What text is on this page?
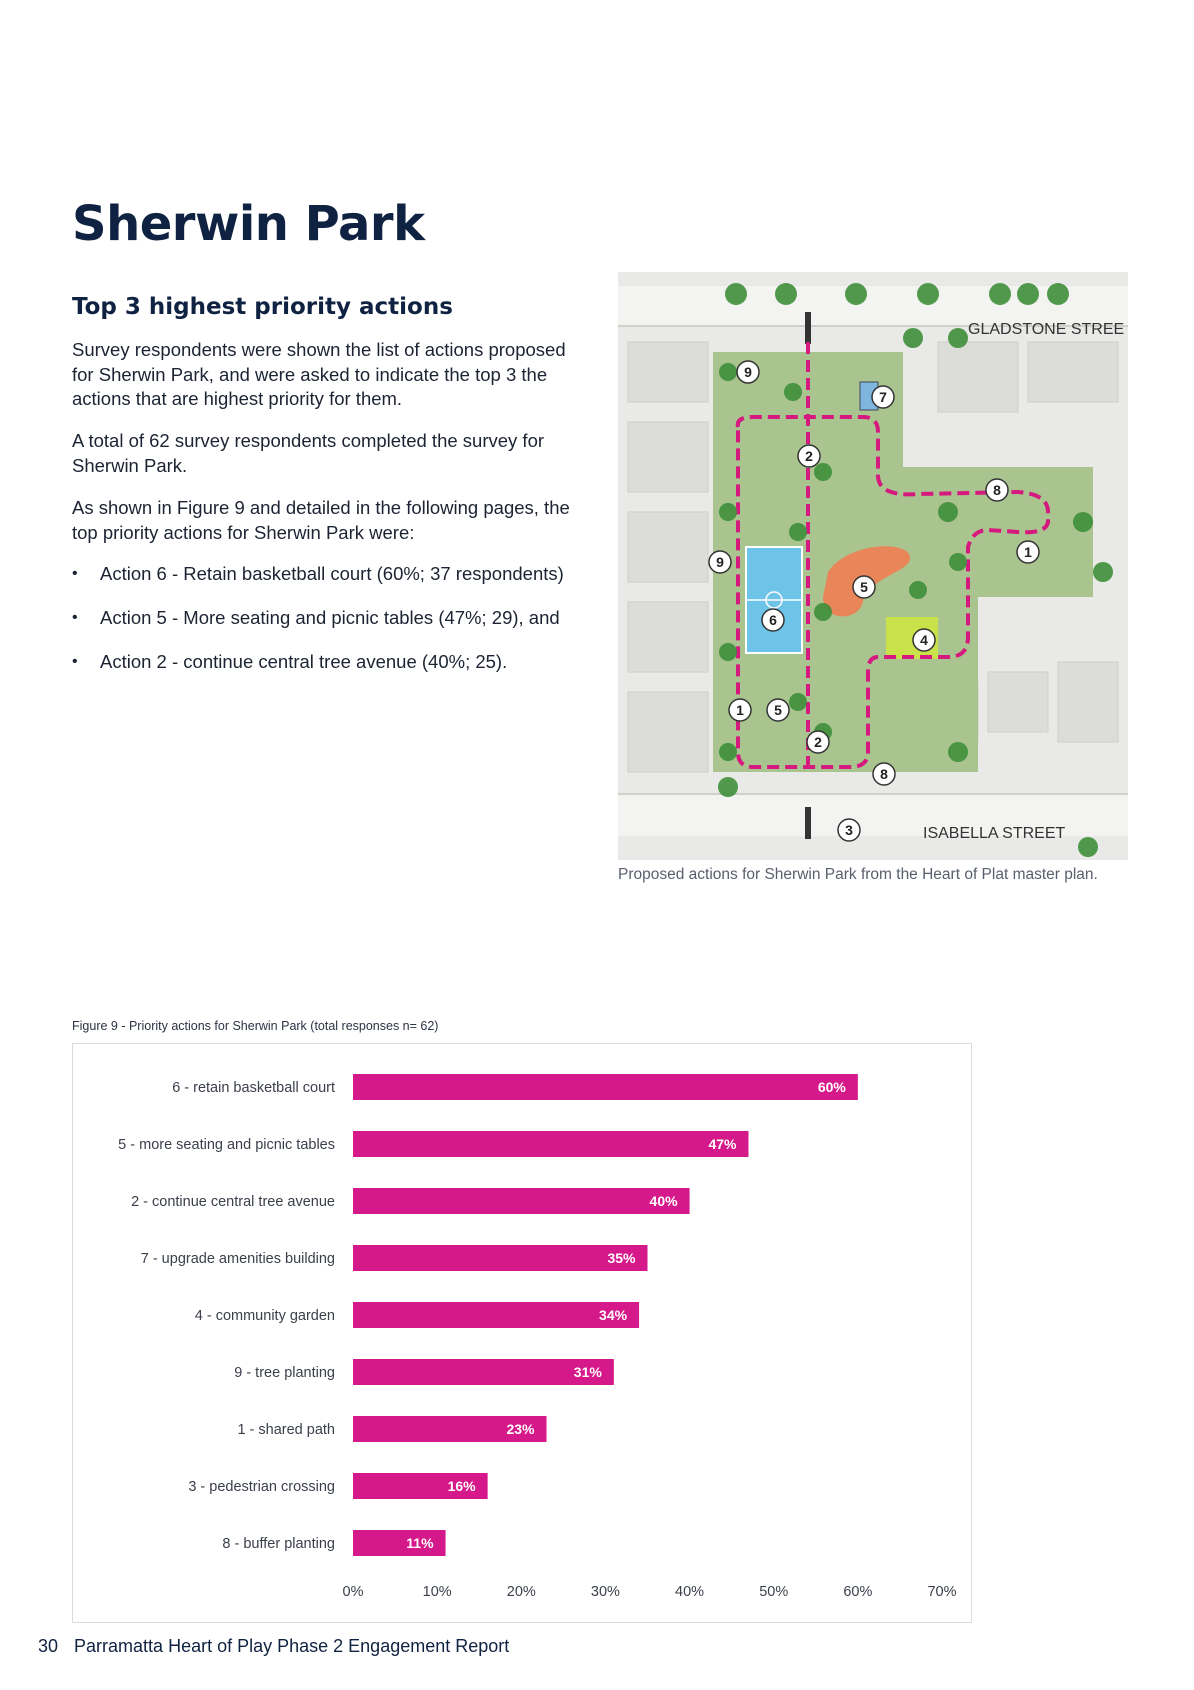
Sherwin Park
Top 3 highest priority actions

Survey respondents were shown the list of actions proposed for Sherwin Park, and were asked to indicate the top 3 the actions that are highest priority for them.

A total of 62 survey respondents completed the survey for Sherwin Park.

As shown in Figure 9 and detailed in the following pages, the top priority actions for Sherwin Park were:

• Action 6 - Retain basketball court (60%; 37 respondents)
• Action 5 - More seating and picnic tables (47%; 29), and
• Action 2 - continue central tree avenue (40%; 25).
9
2
7
8
1
9
5
6
4
1 5
2
8
3
GLADSTONE STREE
ISABELLA STREET
Proposed actions for Sherwin Park from the Heart of Plat master plan.
Figure 9 - Priority actions for Sherwin Park (total responses n= 62)
6 - retain basketball court	60%
5 - more seating and picnic tables	47%
2 - continue central tree avenue	40%
7 - upgrade amenities building	35%
4 - community garden	34%
9 - tree planting	31%
1 - shared path	23%
3 - pedestrian crossing	16%
8 - buffer planting	11%
0%	10%	20%	30%	40%	50%	60%	70%
30 Parramatta Heart of Play Phase 2 Engagement Report
